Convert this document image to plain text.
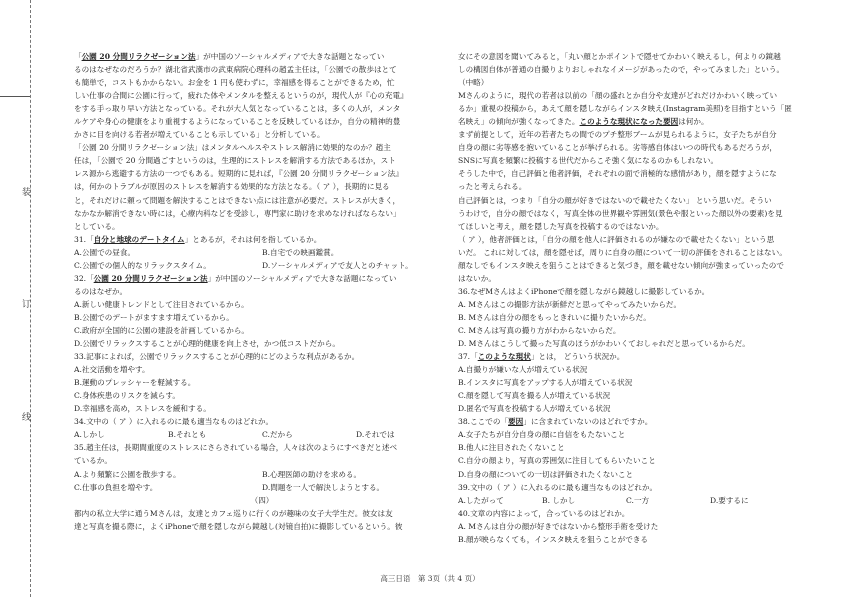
装
订
线

「公園 20 分間リラクゼーション法」が中国のソーシャルメディアで大きな話題となってい

るのはなぜなのだろうか？湖北省武漢市の武東病院心理科の趙孟主任は，「公園での散歩はとて

も簡単で，コストもかからない。お金を 1 円も使わずに，幸福感を得ることができるため，忙

しい仕事の合間に公園に行って，疲れた体やメンタルを整えるというのが，現代人が『心の充電』

をする手っ取り早い方法となっている。それが大人気となっていることは，多くの人が，メンタ

ルケアや身心の健康をより重視するようになっていることを反映しているほか，自分の精神的豊

かさに目を向ける若者が増えていることも示している」と分析している。

「公園 20 分間リラクゼーション法」はメンタルヘルスやストレス解消に効果的なのか？趙主

任は，「公園で 20 分間過ごすというのは，生理的にストレスを解消する方法であるほか，スト

レス源から逃避する方法の一つでもある。短期的に見れば，『公園 20 分間リラクゼーション法』

は，何かのトラブルが原因のストレスを解消する効果的な方法となる。（ ア ），長期的に見る

と，それだけに頼って問題を解決することはできない点には注意が必要だ。ストレスが大きく，

なかなか解消できない時には，心療内科などを受診し，専門家に助けを求めなければならない」

としている。

31.「自分と地球のデートタイム」とあるが，それは何を指しているか。

A.公園での昼食。	B.自宅での映画鑑賞。

C.公園での個人的なリラックスタイム。	D.ソーシャルメディアで友人とのチャット。

32.「公園 20 分間リラクゼーション法」が中国のソーシャルメディアで大きな話題になってい

るのはなぜか。

A.新しい健康トレンドとして注目されているから。

B.公園でのデートがますます増えているから。

C.政府が全国的に公園の建設を計画しているから。

D.公園でリラックスすることが心理的健康を向上させ，かつ低コストだから。

33.記事によれば，公園でリラックスすることが心理的にどのような利点があるか。

A.社交活動を増やす。

B.運動のプレッシャーを軽減する。

C.身体疾患のリスクを減らす。

D.幸福感を高め，ストレスを緩和する。

34.文中の（ ア ）に入れるのに最も適当なものはどれか。

A.しかし	B.それとも	C.だから	D.それでは

35.趙主任は，長期間重度のストレスにさらされている場合，人々は次のようにすべきだと述べ

ているか。

A.より頻繁に公園を散歩する。	B.心理医師の助けを求める。

C.仕事の負担を増やす。	D.問題を一人で解決しようとする。

（四）

都内の私立大学に通うMさんは，友達とカフェ巡りに行くのが趣味の女子大学生だ。彼女は友

達と写真を撮る際に，よくiPhoneで顔を隠しながら鏡越し(対镜自拍)に撮影しているという。彼

女にその意図を聞いてみると，「丸い顔とかポイントで隠せてかわいく映えるし，何よりの鏡越

しの構図自体が普通の自撮りよりおしゃれなイメージがあったので，やってみました」という。

（中略）

Mさんのように，現代の若者は以前の「顔の盛れとか自分や友達がどれだけかわいく映ってい

るか」重視の投稿から，あえて顔を隠しながらインスタ映え(Instagram美照)を目指すという「匿

名映え」の傾向が強くなってきた。このような現状になった要因は何か。

まず前提として，近年の若者たちの間でのプチ整形ブームが見られるように，女子たちが自分

自身の顔に劣等感を抱いていることが挙げられる。劣等感自体はいつの時代もあるだろうが，

SNSに写真を頻繁に投稿する世代だからこそ強く気になるのかもしれない。

そうした中で，自己評価と他者評価，それぞれの面で消極的な感情があり，顔を隠すようにな

ったと考えられる。

自己評価とは，つまり「自分の顔が好きではないので載せたくない」 という思いだ。そうい

うわけで，自分の顔ではなく，写真全体の世界観や雰囲気(景色や服といった顔以外の要素)を見

てほしいと考え，顔を隠した写真を投稿するのではないか。

（ ア ），他者評価とは，「自分の顔を他人に評価されるのが嫌なので載せたくない」という思

いだ。 これに対しては，顔を隠せば，周りに自身の顔について一切の評価をされることはない。

顔なしでもインスタ映えを狙うことはできると気づき，顔を載せない傾向が強まっていったので

はないか。

36.なぜMさんはよくiPhoneで顔を隠しながら鏡越しに撮影しているか。

A. Mさんはこの撮影方法が新鮮だと思ってやってみたいからだ。

B. Mさんは自分の顔をもっときれいに撮りたいからだ。

C. Mさんは写真の撮り方がわからないからだ。

D. Mさんはこうして撮った写真のほうがかわいくておしゃれだと思っているからだ。

37.「このような現状」とは， どういう状況か。

A.自撮りが嫌いな人が増えている状況

B.インスタに写真をアップする人が増えている状況

C.顔を隠して写真を撮る人が増えている状況

D.匿名で写真を投稿する人が増えている状況

38.ここでの「要因」に含まれていないのはどれですか。

A.女子たちが自分自身の顔に自信をもたないこと

B.他人に注目されたくないこと

C.自分の顔より，写真の雰囲気に注目してもらいたいこと

D.自身の顔についての一切は評価されたくないこと

39.文中の（ ア ）に入れるのに最も適当なものはどれか。

A.したがって	B. しかし	C.一方	D.要するに

40.文章の内容によって，合っているのはどれか。

A. Mさんは自分の顔が好きではないから整形手術を受けた

B.顔が映らなくても，インスタ映えを狙うことができる

高三日语　第 3页（共 4 页）
